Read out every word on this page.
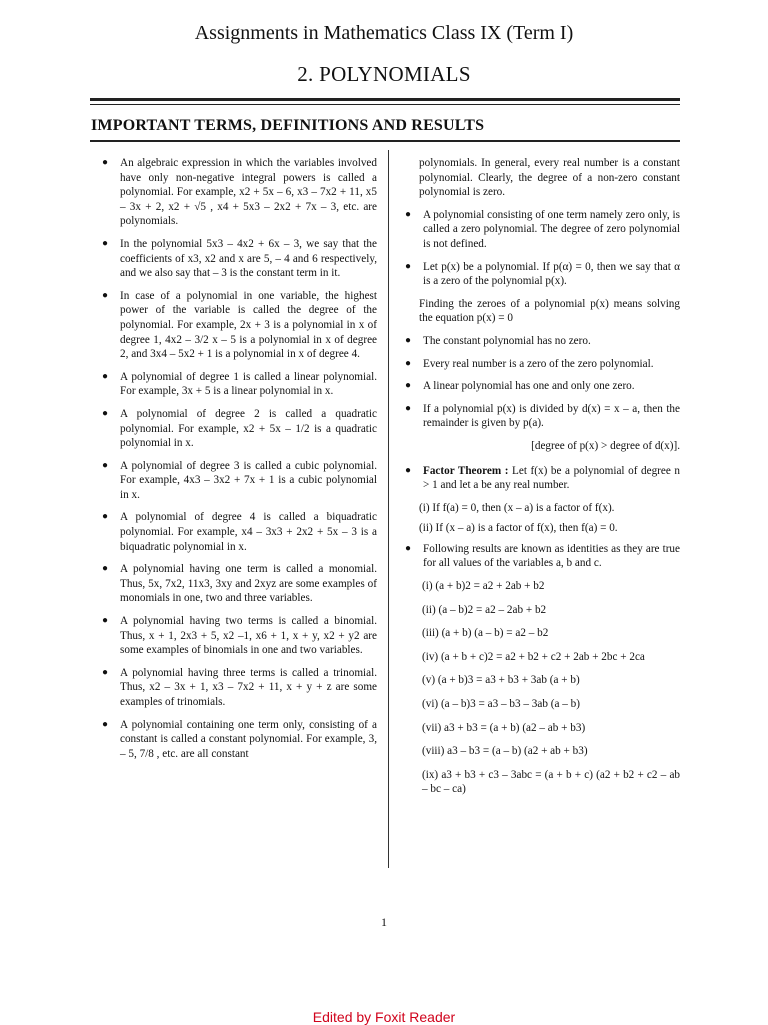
Assignments in Mathematics Class IX (Term I)
2. POLYNOMIALS
IMPORTANT TERMS, DEFINITIONS AND RESULTS
● An algebraic expression in which the variables involved have only non-negative integral powers is called a polynomial. For example, x2 + 5x – 6, x3 – 7x2 + 11, x5 – 3x + 2, x2 + √5 , x4 + 5x3 – 2x2 + 7x – 3, etc. are polynomials.
● In the polynomial 5x3 – 4x2 + 6x – 3, we say that the coefficients of x3, x2 and x are 5, – 4 and 6 respectively, and we also say that – 3 is the constant term in it.
● In case of a polynomial in one variable, the highest power of the variable is called the degree of the polynomial. For example, 2x + 3 is a polynomial in x of degree 1, 4x2 – 3/2 x – 5 is a polynomial in x of degree 2, and 3x4 – 5x2 + 1 is a polynomial in x of degree 4.
● A polynomial of degree 1 is called a linear polynomial. For example, 3x + 5 is a linear polynomial in x.
● A polynomial of degree 2 is called a quadratic polynomial. For example, x2 + 5x – 1/2 is a quadratic polynomial in x.
● A polynomial of degree 3 is called a cubic polynomial. For example, 4x3 – 3x2 + 7x + 1 is a cubic polynomial in x.
● A polynomial of degree 4 is called a biquadratic polynomial. For example, x4 – 3x3 + 2x2 + 5x – 3 is a biquadratic polynomial in x.
● A polynomial having one term is called a monomial. Thus, 5x, 7x2, 11x3, 3xy and 2xyz are some examples of monomials in one, two and three variables.
● A polynomial having two terms is called a binomial. Thus, x + 1, 2x3 + 5, x2 –1, x6 + 1, x + y, x2 + y2 are some examples of binomials in one and two variables.
● A polynomial having three terms is called a trinomial. Thus, x2 – 3x + 1, x3 – 7x2 + 11, x + y + z are some examples of trinomials.
● A polynomial containing one term only, consisting of a constant is called a constant polynomial. For example, 3, – 5, 7/8 , etc. are all constant
polynomials. In general, every real number is a constant polynomial. Clearly, the degree of a non-zero constant polynomial is zero.
● A polynomial consisting of one term namely zero only, is called a zero polynomial. The degree of zero polynomial is not defined.
● Let p(x) be a polynomial. If p(α) = 0, then we say that α is a zero of the polynomial p(x).
Finding the zeroes of a polynomial p(x) means solving the equation p(x) = 0
● The constant polynomial has no zero.
● Every real number is a zero of the zero polynomial.
● A linear polynomial has one and only one zero.
● If a polynomial p(x) is divided by d(x) = x – a, then the remainder is given by p(a).
[degree of p(x) > degree of d(x)].
● Factor Theorem : Let f(x) be a polynomial of degree n > 1 and let a be any real number.
(i) If f(a) = 0, then (x – a) is a factor of f(x).
(ii) If (x – a) is a factor of f(x), then f(a) = 0.
● Following results are known as identities as they are true for all values of the variables a, b and c.
(i) (a + b)2 = a2 + 2ab + b2
(ii) (a – b)2 = a2 – 2ab + b2
(iii) (a + b) (a – b) = a2 – b2
(iv) (a + b + c)2 = a2 + b2 + c2 + 2ab + 2bc + 2ca
(v) (a + b)3 = a3 + b3 + 3ab (a + b)
(vi) (a – b)3 = a3 – b3 – 3ab (a – b)
(vii) a3 + b3 = (a + b) (a2 – ab + b3)
(viii) a3 – b3 = (a – b) (a2 + ab + b3)
(ix) a3 + b3 + c3 – 3abc = (a + b + c) (a2 + b2 + c2 – ab – bc – ca)
1
Edited by Foxit Reader
